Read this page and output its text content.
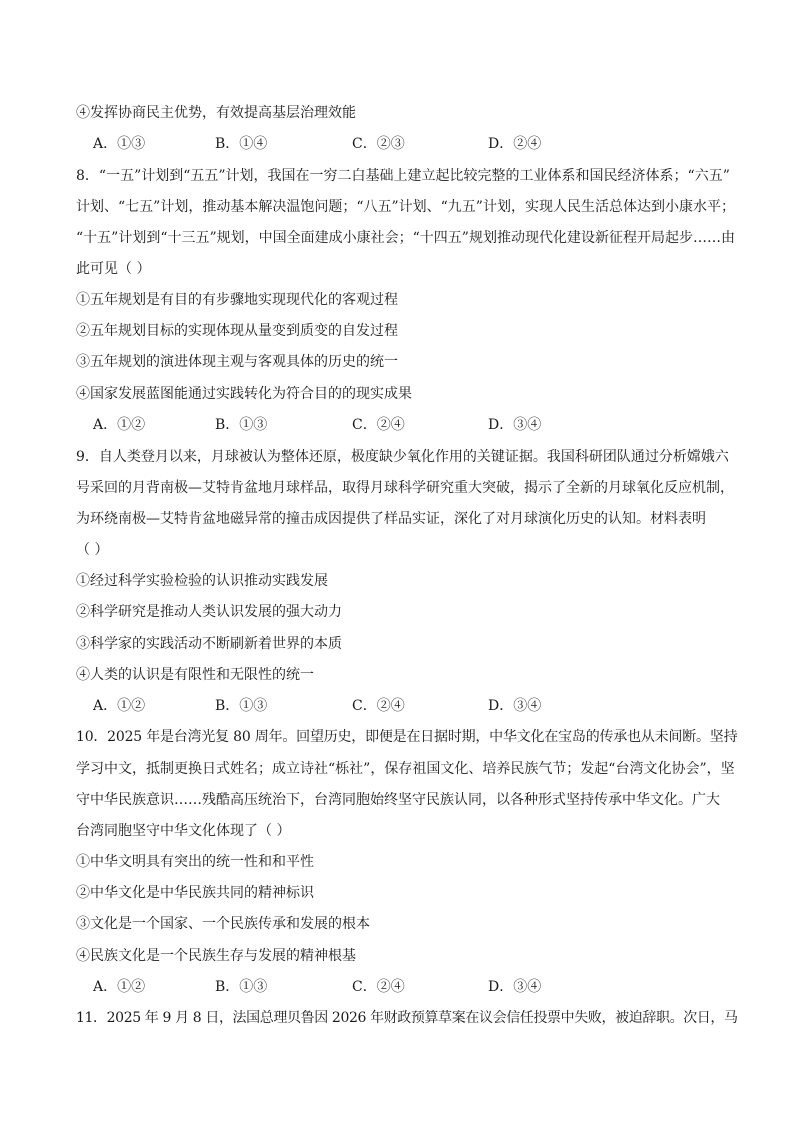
④发挥协商民主优势，有效提高基层治理效能
A．①③	B．①④	C．②③	D．②④
8．“一五”计划到“五五”计划，我国在一穷二白基础上建立起比较完整的工业体系和国民经济体系；“六五”
计划、“七五”计划，推动基本解决温饱问题；“八五”计划、“九五”计划，实现人民生活总体达到小康水平；
“十五”计划到“十三五”规划，中国全面建成小康社会；“十四五”规划推动现代化建设新征程开局起步……由
此可见（ ）
①五年规划是有目的有步骤地实现现代化的客观过程
②五年规划目标的实现体现从量变到质变的自发过程
③五年规划的演进体现主观与客观具体的历史的统一
④国家发展蓝图能通过实践转化为符合目的的现实成果
A．①②	B．①③	C．②④	D．③④
9．自人类登月以来，月球被认为整体还原，极度缺少氧化作用的关键证据。我国科研团队通过分析嫦娥六
号采回的月背南极—艾特肯盆地月球样品，取得月球科学研究重大突破，揭示了全新的月球氧化反应机制，
为环绕南极—艾特肯盆地磁异常的撞击成因提供了样品实证，深化了对月球演化历史的认知。材料表明
（ ）
①经过科学实验检验的认识推动实践发展
②科学研究是推动人类认识发展的强大动力
③科学家的实践活动不断刷新着世界的本质
④人类的认识是有限性和无限性的统一
A．①②	B．①③	C．②④	D．③④
10．2025 年是台湾光复 80 周年。回望历史，即便是在日据时期，中华文化在宝岛的传承也从未间断。坚持
学习中文，抵制更换日式姓名；成立诗社“栎社”，保存祖国文化、培养民族气节；发起“台湾文化协会”，坚
守中华民族意识……残酷高压统治下，台湾同胞始终坚守民族认同，以各种形式坚持传承中华文化。广大
台湾同胞坚守中华文化体现了（ ）
①中华文明具有突出的统一性和和平性
②中华文化是中华民族共同的精神标识
③文化是一个国家、一个民族传承和发展的根本
④民族文化是一个民族生存与发展的精神根基
A．①②	B．①③	C．②④	D．③④
11．2025 年 9 月 8 日，法国总理贝鲁因 2026 年财政预算草案在议会信任投票中失败，被迫辞职。次日，马
